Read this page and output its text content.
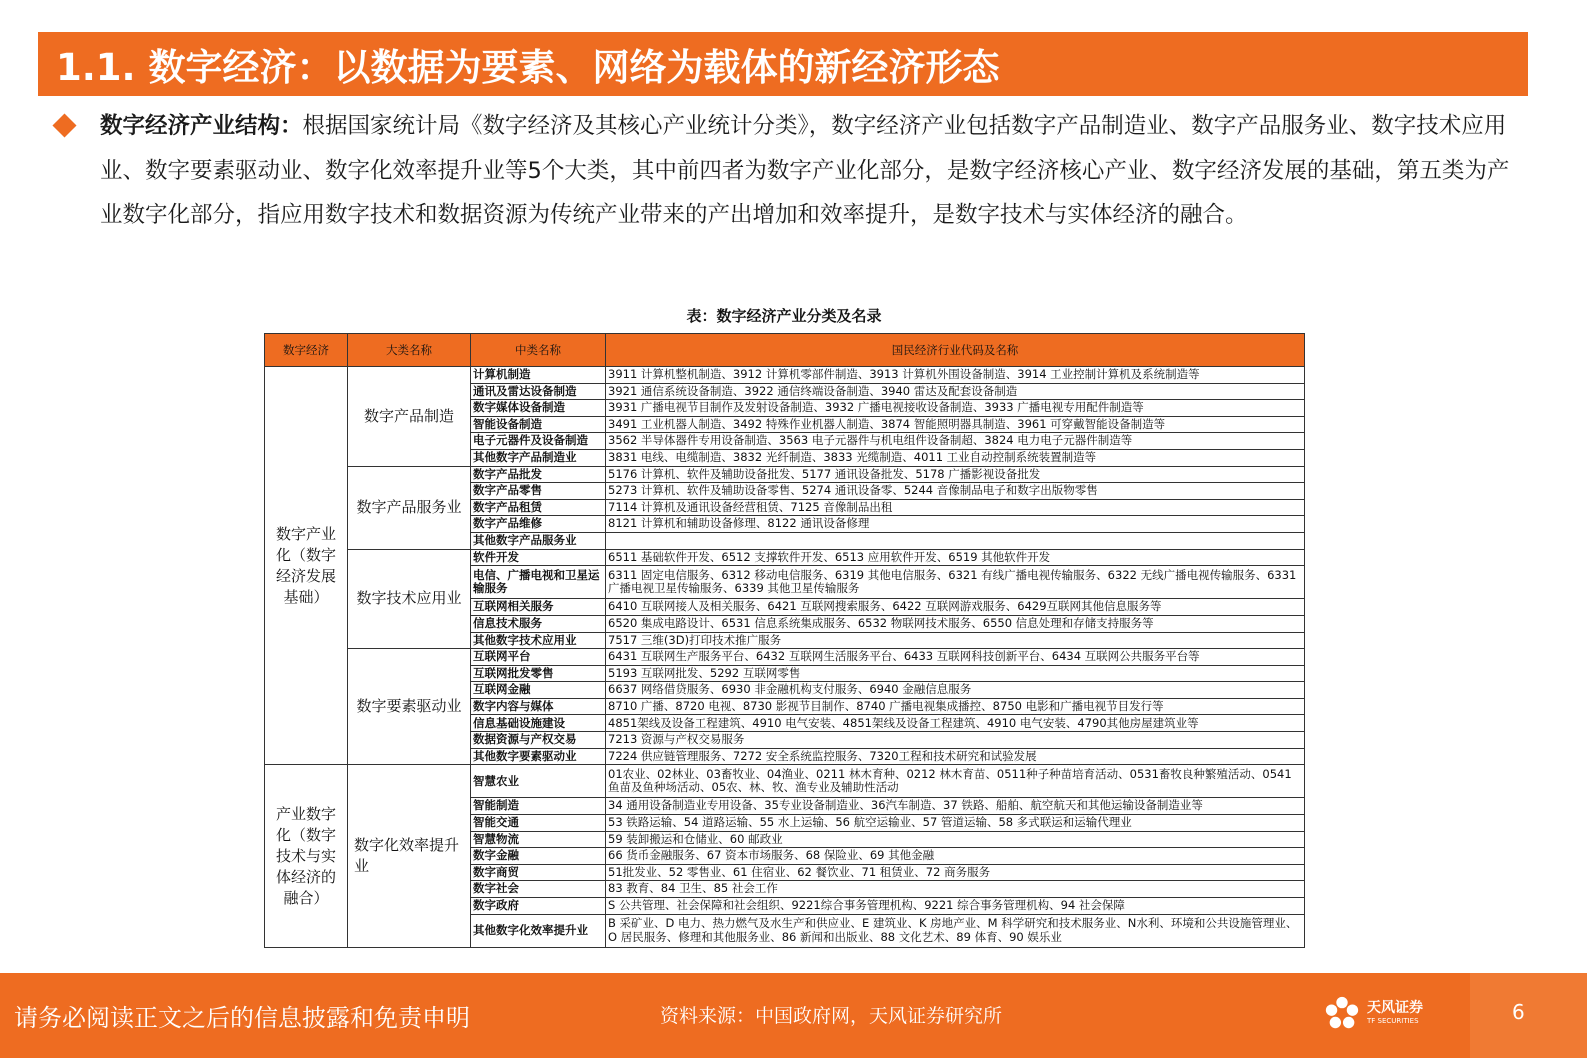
1.1. 数字经济：以数据为要素、网络为载体的新经济形态
数字经济产业结构：根据国家统计局《数字经济及其核心产业统计分类》，数字经济产业包括数字产品制造业、数字产品服务业、数字技术应用业、数字要素驱动业、数字化效率提升业等5个大类，其中前四者为数字产业化部分，是数字经济核心产业、数字经济发展的基础，第五类为产业数字化部分，指应用数字技术和数据资源为传统产业带来的产出增加和效率提升，是数字技术与实体经济的融合。
表：数字经济产业分类及名录
数字经济	大类名称	中类名称	国民经济行业代码及名称
数字产业化（数字经济发展基础）	数字产品制造	计算机制造	3911 计算机整机制造、3912 计算机零部件制造、3913 计算机外围设备制造、3914 工业控制计算机及系统制造等
		通讯及雷达设备制造	3921 通信系统设备制造、3922 通信终端设备制造、3940 雷达及配套设备制造
		数字媒体设备制造	3931 广播电视节目制作及发射设备制造、3932 广播电视接收设备制造、3933 广播电视专用配件制造等
		智能设备制造	3491 工业机器人制造、3492 特殊作业机器人制造、3874 智能照明器具制造、3961 可穿戴智能设备制造等
		电子元器件及设备制造	3562 半导体器件专用设备制造、3563 电子元器件与机电组件设备制超、3824 电力电子元器件制造等
		其他数字产品制造业	3831 电线、电缆制造、3832 光纤制造、3833 光缆制造、4011 工业自动控制系统装置制造等
	数字产品服务业	数字产品批发	5176 计算机、软件及辅助设备批发、5177 通讯设备批发、5178 广播影视设备批发
		数字产品零售	5273 计算机、软件及辅助设备零售、5274 通讯设备零、5244 音像制品电子和数字出版物零售
		数字产品租赁	7114 计算机及通讯设备经营租赁、7125 音像制品出租
		数字产品维修	8121 计算机和辅助设备修理、8122 通讯设备修理
		其他数字产品服务业	
	数字技术应用业	软件开发	6511 基础软件开发、6512 支撑软件开发、6513 应用软件开发、6519 其他软件开发
		电信、广播电视和卫星运输服务	6311 固定电信服务、6312 移动电信服务、6319 其他电信服务、6321 有线广播电视传输服务、6322 无线广播电视传输服务、6331 广播电视卫星传输服务、6339 其他卫星传输服务
		互联网相关服务	6410 互联网接人及相关服务、6421 互联网搜索服务、6422 互联网游戏服务、6429互联网其他信息服务等
		信息技术服务	6520 集成电路设计、6531 信息系统集成服务、6532 物联网技术服务、6550 信息处理和存储支持服务等
		其他数字技术应用业	7517 三维(3D)打印技术推广服务
	数字要素驱动业	互联网平台	6431 互联网生产服务平台、6432 互联网生活服务平台、6433 互联网科技创新平台、6434 互联网公共服务平台等
		互联网批发零售	5193 互联网批发、5292 互联网零售
		互联网金融	6637 网络借贷服务、6930 非金融机构支付服务、6940 金融信息服务
		数字内容与媒体	8710 广播、8720 电视、8730 影视节目制作、8740 广播电视集成播控、8750 电影和广播电视节目发行等
		信息基础设施建设	4851架线及设备工程建筑、4910 电气安装、4851架线及设备工程建筑、4910 电气安装、4790其他房屋建筑业等
		数据资源与产权交易	7213 资源与产权交易服务
		其他数字要素驱动业	7224 供应链管理服务、7272 安全系统监控服务、7320工程和技术研究和试验发展
产业数字化（数字技术与实体经济的融合）	数字化效率提升业	智慧农业	01农业、02林业、03畜牧业、04渔业、0211 林木育种、0212 林木育苗、0511种子种苗培育活动、0531畜牧良种繁殖活动、0541鱼苗及鱼种场活动、05农、林、牧、渔专业及辅助性活动
		智能制造	34 通用设备制造业专用设备、35专业设备制造业、36汽车制造、37 铁路、船舶、航空航天和其他运输设备制造业等
		智能交通	53 铁路运输、54 道路运输、55 水上运输、56 航空运输业、57 管道运输、58 多式联运和运输代理业
		智慧物流	59 装卸搬运和仓储业、60 邮政业
		数字金融	66 货币金融服务、67 资本市场服务、68 保险业、69 其他金融
		数字商贸	51批发业、52 零售业、61 住宿业、62 餐饮业、71 租赁业、72 商务服务
		数字社会	83 教育、84 卫生、85 社会工作
		数字政府	S 公共管理、社会保障和社会组织、9221综合事务管理机构、9221 综合事务管理机构、94 社会保障
		其他数字化效率提升业	B 采矿业、D 电力、热力燃气及水生产和供应业、E 建筑业、K 房地产业、M 科学研究和技术服务业、N水利、环境和公共设施管理业、O 居民服务、修理和其他服务业、86 新闻和出版业、88 文化艺术、89 体育、90 娱乐业
请务必阅读正文之后的信息披露和免责申明	资料来源：中国政府网，天风证券研究所	天风证券
TF SECURITIES	6
